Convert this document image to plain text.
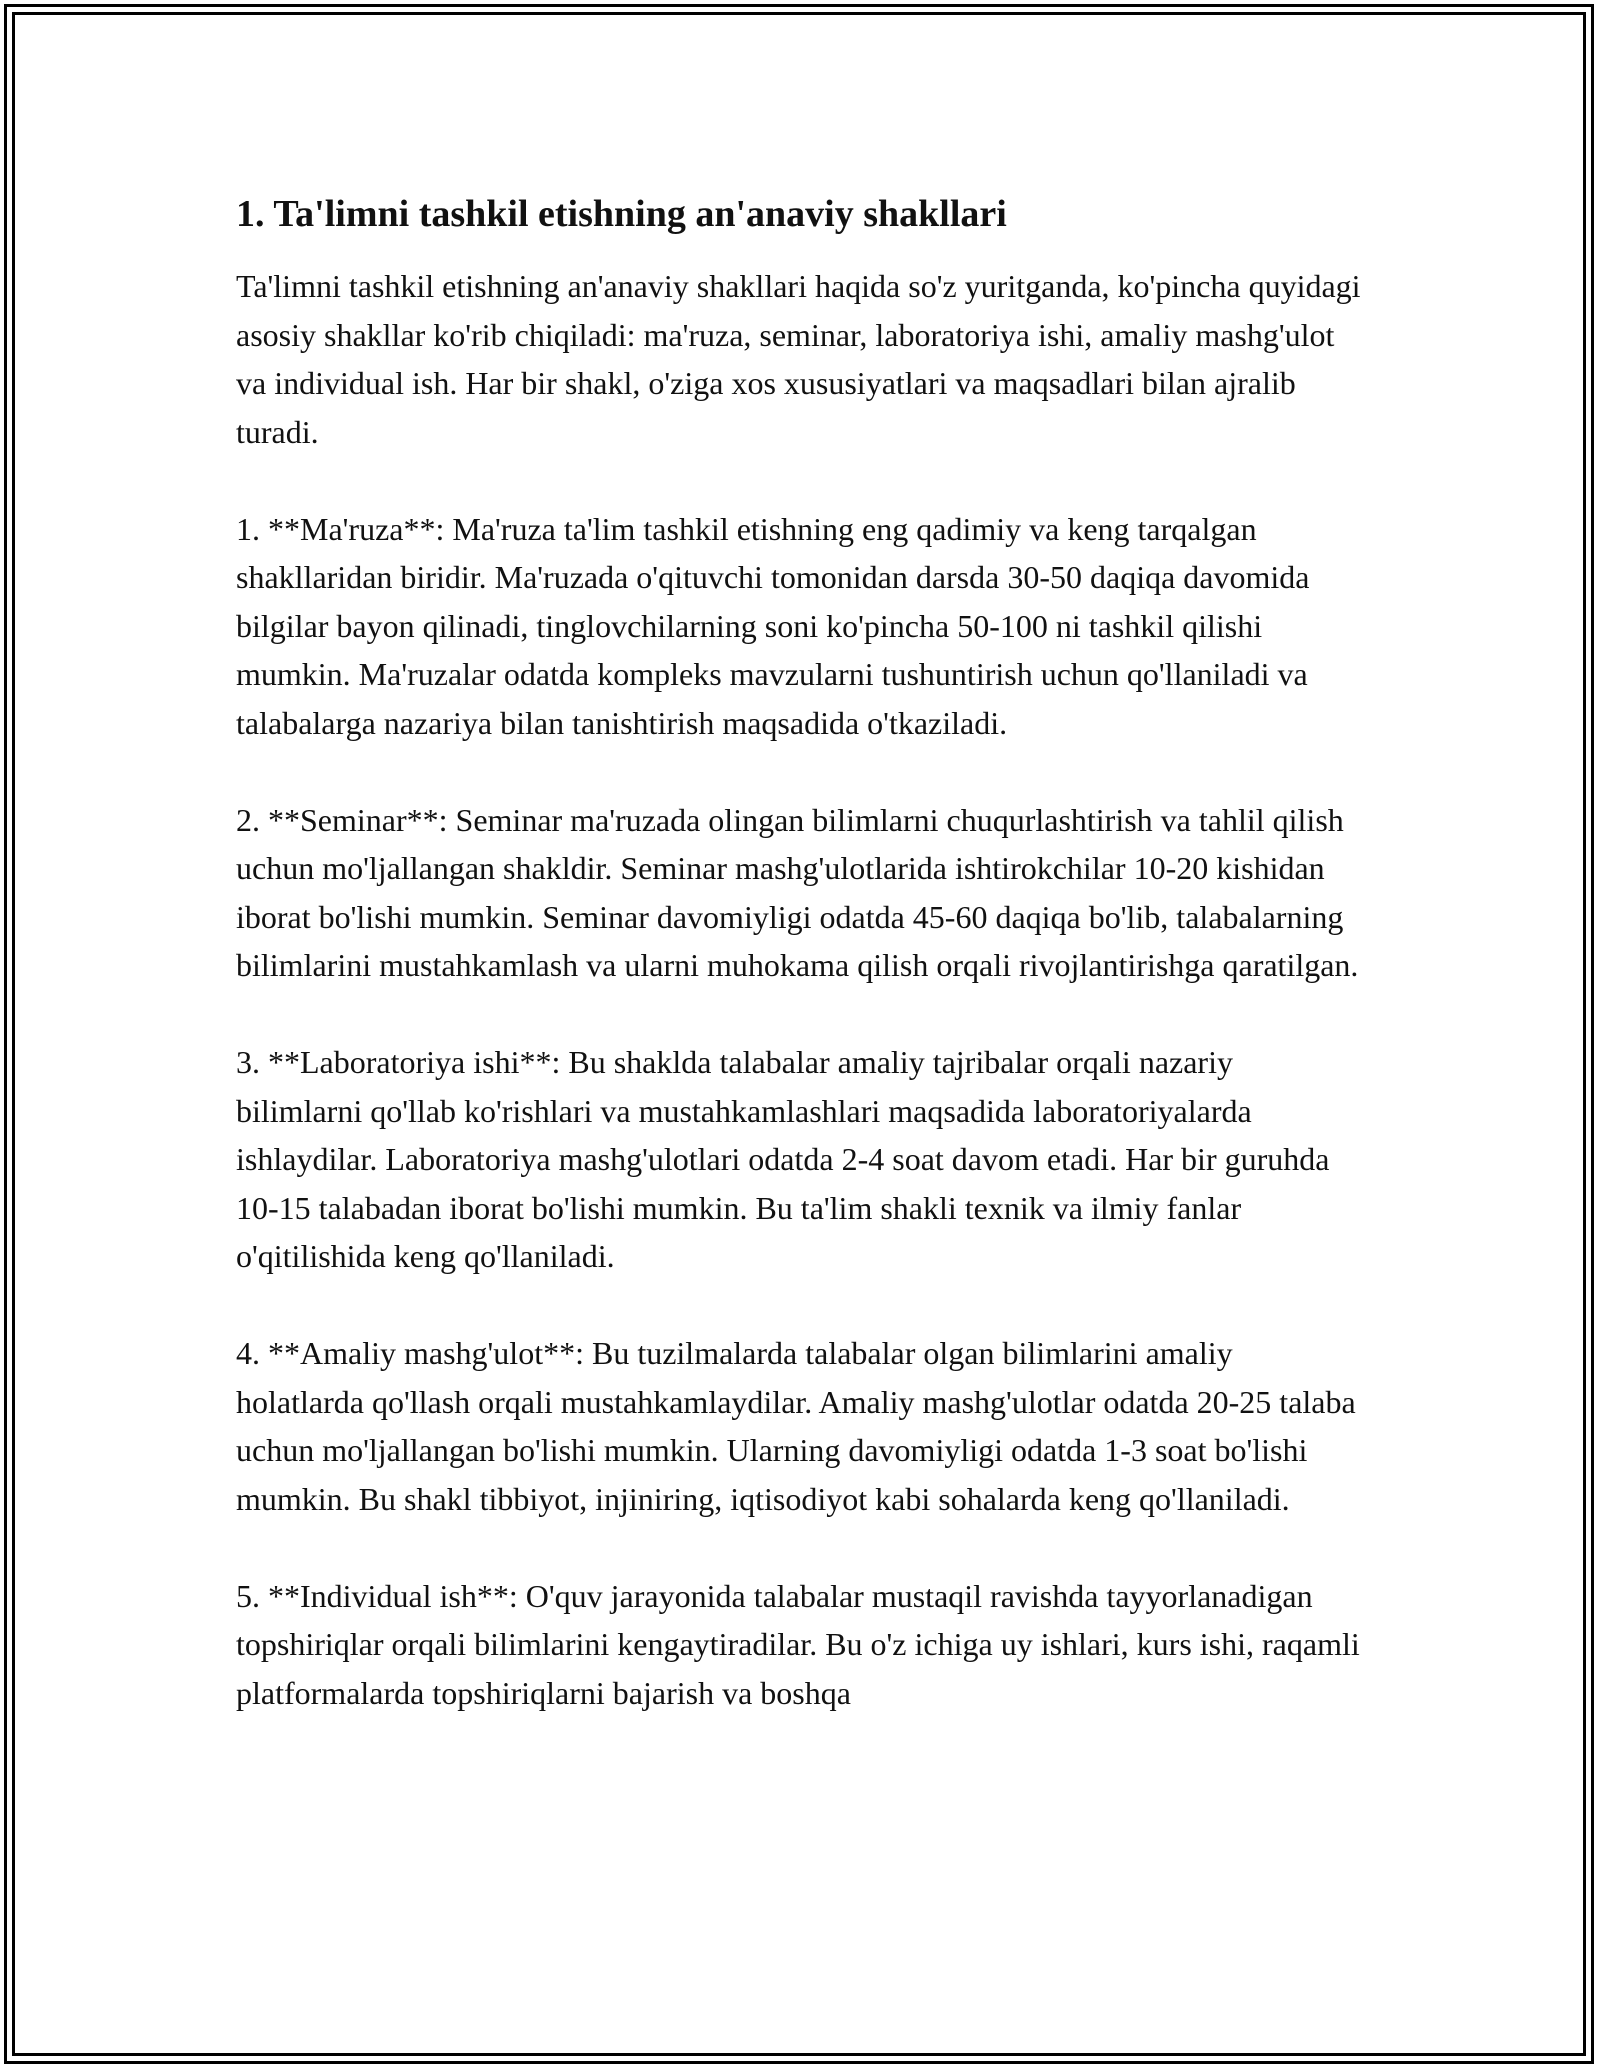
1. Ta'limni tashkil etishning an'anaviy shakllari

Ta'limni tashkil etishning an'anaviy shakllari haqida so'z yuritganda, ko'pincha quyidagi asosiy shakllar ko'rib chiqiladi: ma'ruza, seminar, laboratoriya ishi, amaliy mashg'ulot va individual ish. Har bir shakl, o'ziga xos xususiyatlari va maqsadlari bilan ajralib turadi.

1. **Ma'ruza**: Ma'ruza ta'lim tashkil etishning eng qadimiy va keng tarqalgan shakllaridan biridir. Ma'ruzada o'qituvchi tomonidan darsda 30-50 daqiqa davomida bilgilar bayon qilinadi, tinglovchilarning soni ko'pincha 50-100 ni tashkil qilishi mumkin. Ma'ruzalar odatda kompleks mavzularni tushuntirish uchun qo'llaniladi va talabalarga nazariya bilan tanishtirish maqsadida o'tkaziladi.

2. **Seminar**: Seminar ma'ruzada olingan bilimlarni chuqurlashtirish va tahlil qilish uchun mo'ljallangan shakldir. Seminar mashg'ulotlarida ishtirokchilar 10-20 kishidan iborat bo'lishi mumkin. Seminar davomiyligi odatda 45-60 daqiqa bo'lib, talabalarning bilimlarini mustahkamlash va ularni muhokama qilish orqali rivojlantirishga qaratilgan.

3. **Laboratoriya ishi**: Bu shaklda talabalar amaliy tajribalar orqali nazariy bilimlarni qo'llab ko'rishlari va mustahkamlashlari maqsadida laboratoriyalarda ishlaydilar. Laboratoriya mashg'ulotlari odatda 2-4 soat davom etadi. Har bir guruhda 10-15 talabadan iborat bo'lishi mumkin. Bu ta'lim shakli texnik va ilmiy fanlar o'qitilishida keng qo'llaniladi.

4. **Amaliy mashg'ulot**: Bu tuzilmalarda talabalar olgan bilimlarini amaliy holatlarda qo'llash orqali mustahkamlaydilar. Amaliy mashg'ulotlar odatda 20-25 talaba uchun mo'ljallangan bo'lishi mumkin. Ularning davomiyligi odatda 1-3 soat bo'lishi mumkin. Bu shakl tibbiyot, injiniring, iqtisodiyot kabi sohalarda keng qo'llaniladi.

5. **Individual ish**: O'quv jarayonida talabalar mustaqil ravishda tayyorlanadigan topshiriqlar orqali bilimlarini kengaytiradilar. Bu o'z ichiga uy ishlari, kurs ishi, raqamli platformalarda topshiriqlarni bajarish va boshqa
